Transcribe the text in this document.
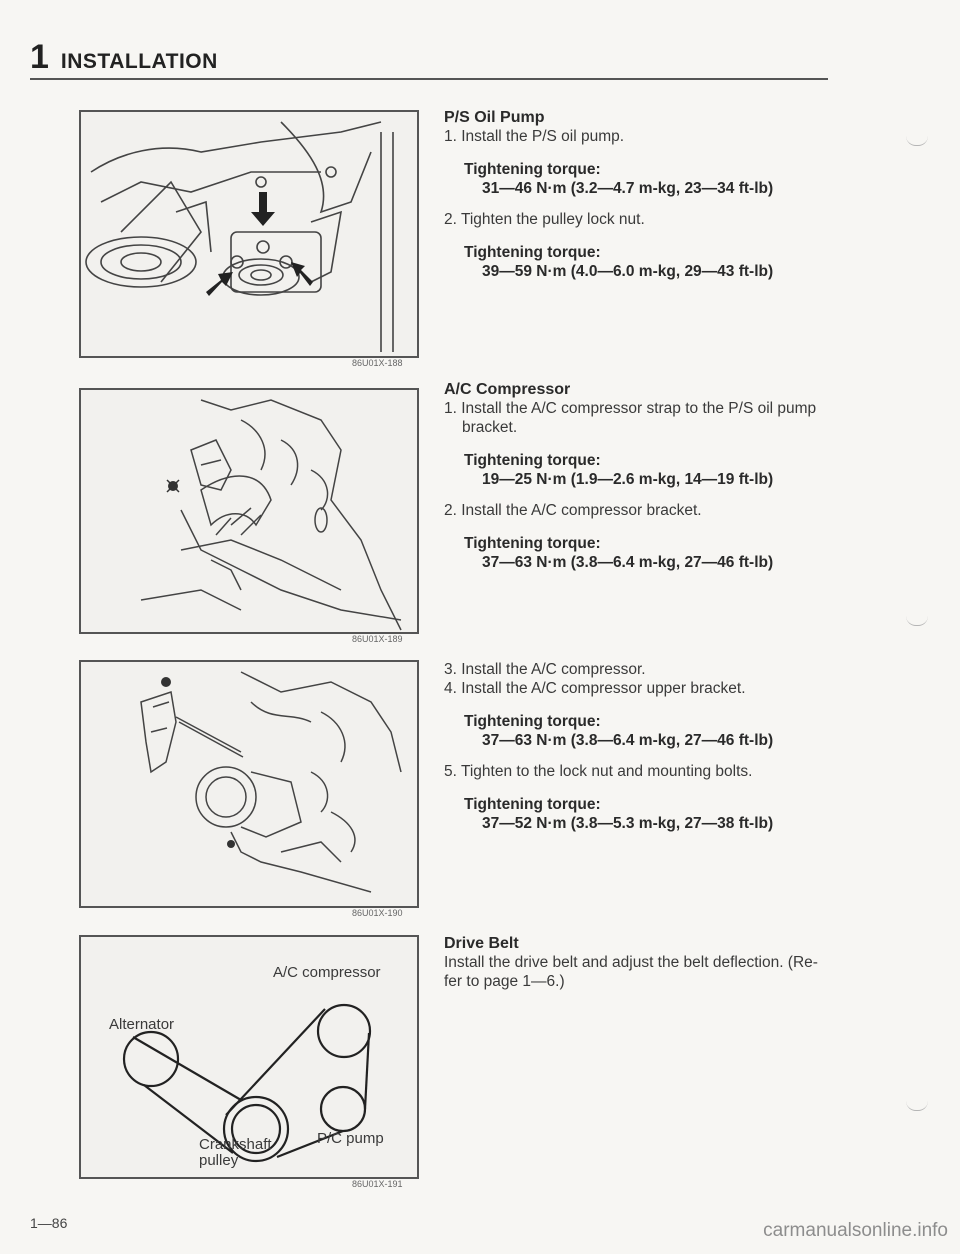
1 INSTALLATION
86U01X-188
86U01X-189
86U01X-190
A/C compressor
Alternator
Crankshaft
pulley
P/C pump
86U01X-191
P/S Oil Pump
1. Install the P/S oil pump.
Tightening torque:
31—46 N·m (3.2—4.7 m-kg, 23—34 ft-lb)
2. Tighten the pulley lock nut.
Tightening torque:
39—59 N·m (4.0—6.0 m-kg, 29—43 ft-lb)
A/C Compressor
1. Install the A/C compressor strap to the P/S oil pump
bracket.
Tightening torque:
19—25 N·m (1.9—2.6 m-kg, 14—19 ft-lb)
2. Install the A/C compressor bracket.
Tightening torque:
37—63 N·m (3.8—6.4 m-kg, 27—46 ft-lb)
3. Install the A/C compressor.
4. Install the A/C compressor upper bracket.
Tightening torque:
37—63 N·m (3.8—6.4 m-kg, 27—46 ft-lb)
5. Tighten to the lock nut and mounting bolts.
Tightening torque:
37—52 N·m (3.8—5.3 m-kg, 27—38 ft-lb)
Drive Belt
Install the drive belt and adjust the belt deflection. (Re-
fer to page 1—6.)
1—86	carmanualsonline.info
